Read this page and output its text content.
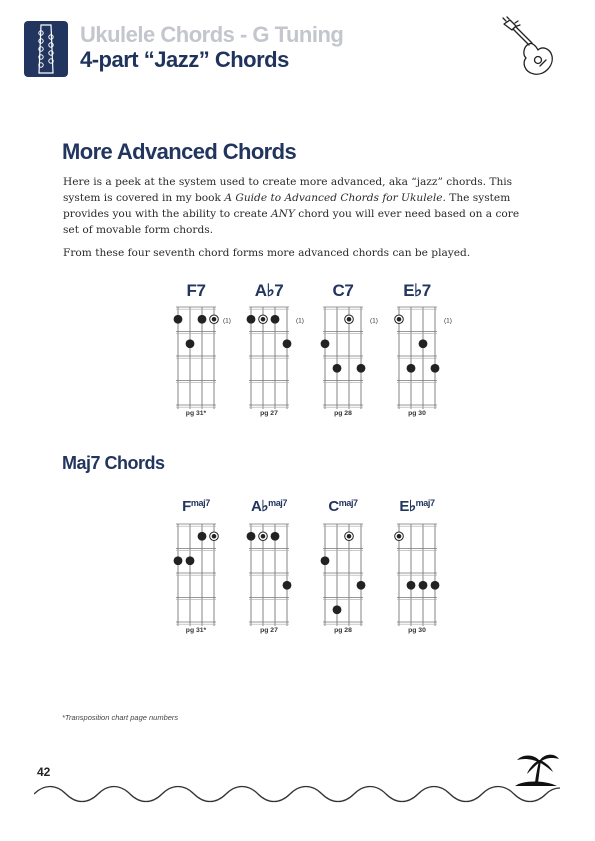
Ukulele Chords - G Tuning
4-part “Jazz” Chords
More Advanced Chords

Here is a peek at the system used to create more advanced, aka “jazz” chords. This system is covered in my book A Guide to Advanced Chords for Ukulele. The system provides you with the ability to create ANY chord you will ever need based on a core set of movable form chords.

From these four seventh chord forms more advanced chords can be played.

Maj7 Chords
F7
(1)
pg 31*
A♭7
(1)
pg 27
C7
(1)
pg 28
E♭7
(1)
pg 30
$F^{maj7}$
pg 31*
A♭$^{maj7}$
pg 27
$C^{maj7}$
pg 28
E♭$^{maj7}$
pg 30
*Transposition chart page numbers
42
